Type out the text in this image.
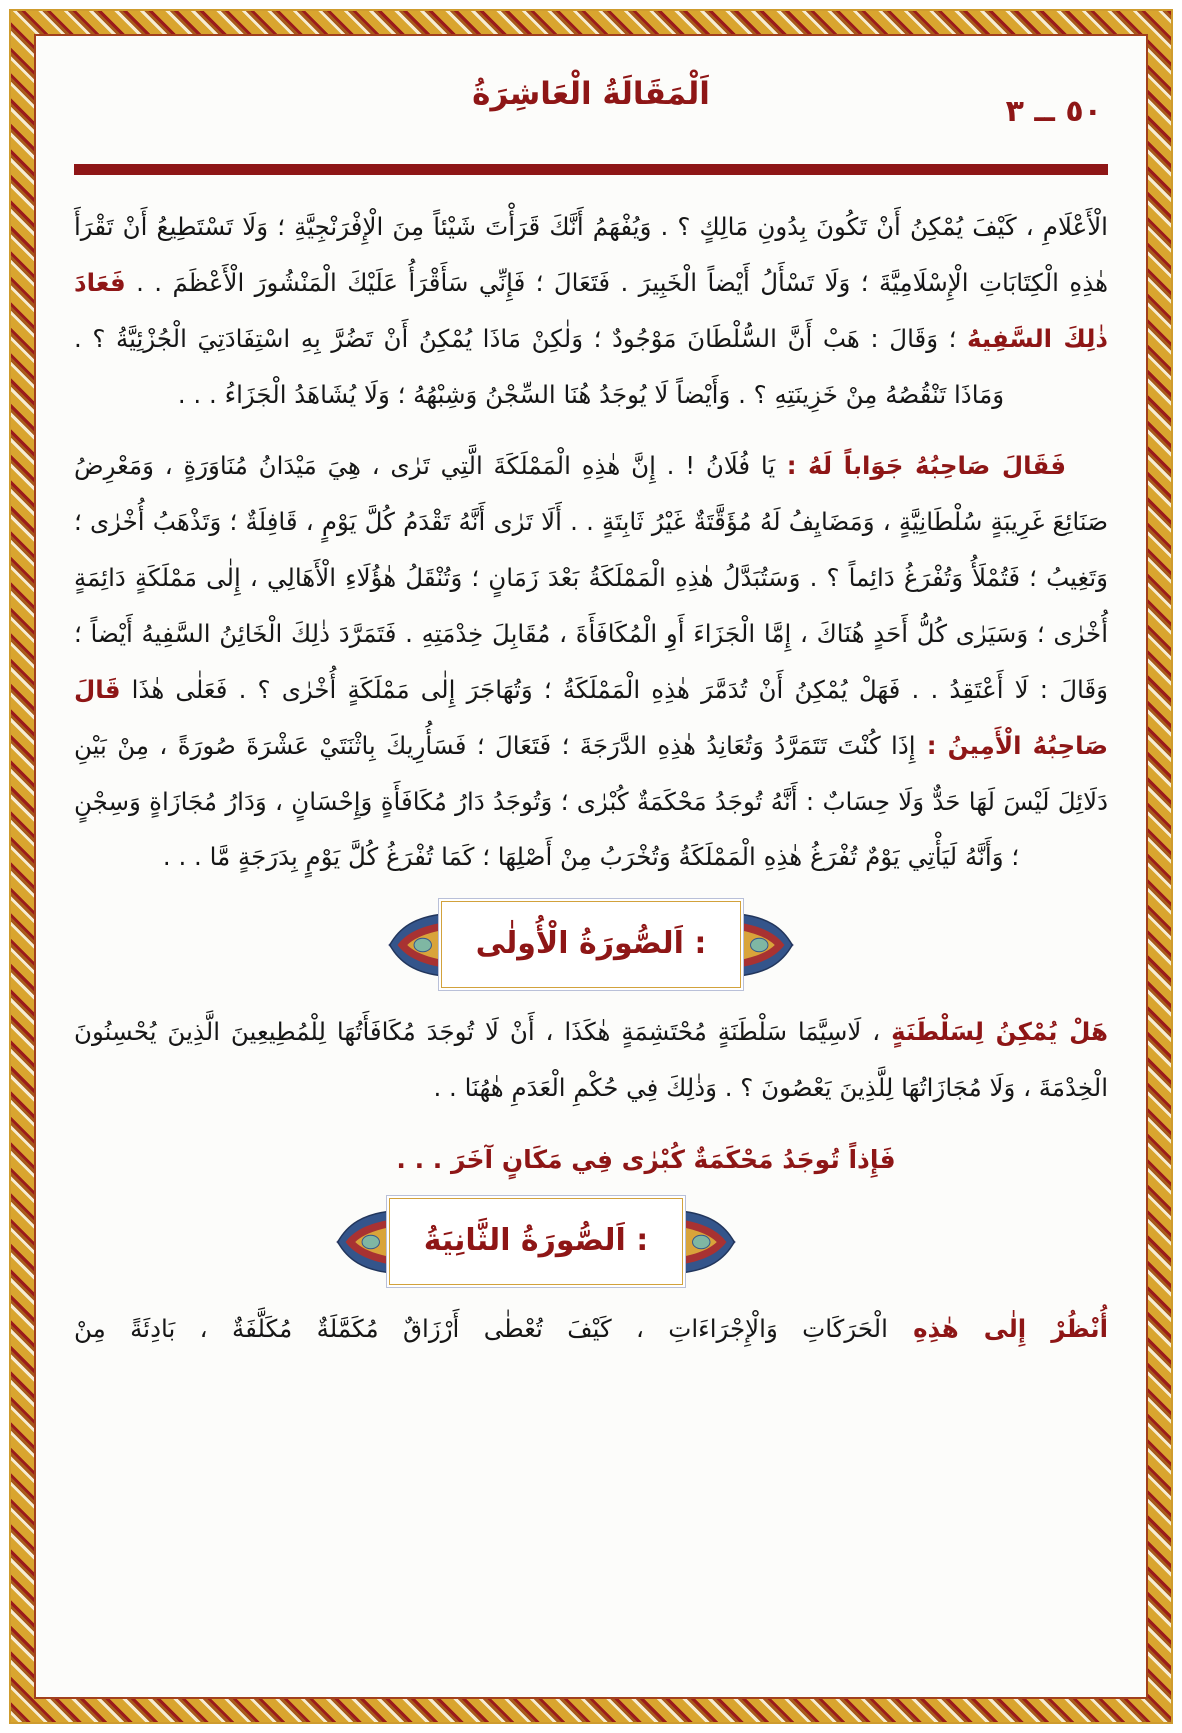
٥٠ ــ ٣
اَلْمَقَالَةُ الْعَاشِرَةُ

الْأَعْلَامِ ، كَيْفَ يُمْكِنُ أَنْ تَكُونَ بِدُونِ مَالِكٍ ؟ . وَيُفْهَمُ أَنَّكَ قَرَأْتَ شَيْئاً مِنَ الْإِفْرَنْجِيَّةِ ؛ وَلَا تَسْتَطِيعُ أَنْ تَقْرَأَ هٰذِهِ الْكِتَابَاتِ الْإِسْلَامِيَّةَ ؛ وَلَا تَسْأَلُ أَيْضاً الْخَبِيرَ . فَتَعَالَ ؛ فَإِنِّي سَأَقْرَأُ عَلَيْكَ الْمَنْشُورَ الْأَعْظَمَ . . فَعَادَ ذٰلِكَ السَّفِيهُ ؛ وَقَالَ : هَبْ أَنَّ السُّلْطَانَ مَوْجُودٌ ؛ وَلٰكِنْ مَاذَا يُمْكِنُ أَنْ تَضُرَّ بِهِ اسْتِفَادَتِيَ الْجُزْئِيَّةُ ؟ . وَمَاذَا تَنْقُصُهُ مِنْ خَزِينَتِهِ ؟ . وَأَيْضاً لَا يُوجَدُ هُنَا السِّجْنُ وَشِبْهُهُ ؛ وَلَا يُشَاهَدُ الْجَزَاءُ . . .

فَقَالَ صَاحِبُهُ جَوَاباً لَهُ : يَا فُلَانُ ! . إِنَّ هٰذِهِ الْمَمْلَكَةَ الَّتِي تَرٰى ، هِيَ مَيْدَانُ مُنَاوَرَةٍ ، وَمَعْرِضُ صَنَائِعَ غَرِيبَةٍ سُلْطَانِيَّةٍ ، وَمَضَايِفُ لَهُ مُؤَقَّتَةٌ غَيْرُ ثَابِتَةٍ . . أَلَا تَرٰى أَنَّهُ تَقْدَمُ كُلَّ يَوْمٍ ، قَافِلَةٌ ؛ وَتَذْهَبُ أُخْرٰى ؛ وَتَغِيبُ ؛ فَتُمْلَأُ وَتُفْرَغُ دَائِماً ؟ . وَسَتُبَدَّلُ هٰذِهِ الْمَمْلَكَةُ بَعْدَ زَمَانٍ ؛ وَتُنْقَلُ هٰؤُلَاءِ الْأَهَالِي ، إِلٰى مَمْلَكَةٍ دَائِمَةٍ أُخْرٰى ؛ وَسَيَرٰى كُلُّ أَحَدٍ هُنَاكَ ، إِمَّا الْجَزَاءَ أَوِ الْمُكَافَأَةَ ، مُقَابِلَ خِدْمَتِهِ . فَتَمَرَّدَ ذٰلِكَ الْخَائِنُ السَّفِيهُ أَيْضاً ؛ وَقَالَ : لَا أَعْتَقِدُ . . فَهَلْ يُمْكِنُ أَنْ تُدَمَّرَ هٰذِهِ الْمَمْلَكَةُ ؛ وَتُهَاجَرَ إِلٰى مَمْلَكَةٍ أُخْرٰى ؟ . فَعَلٰى هٰذَا قَالَ صَاحِبُهُ الْأَمِينُ : إِذَا كُنْتَ تَتَمَرَّدُ وَتُعَانِدُ هٰذِهِ الدَّرَجَةَ ؛ فَتَعَالَ ؛ فَسَأُرِيكَ بِاثْنَتَيْ عَشْرَةَ صُورَةً ، مِنْ بَيْنِ دَلَائِلَ لَيْسَ لَهَا حَدٌّ وَلَا حِسَابٌ : أَنَّهُ تُوجَدُ مَحْكَمَةٌ كُبْرٰى ؛ وَتُوجَدُ دَارُ مُكَافَأَةٍ وَإِحْسَانٍ ، وَدَارُ مُجَازَاةٍ وَسِجْنٍ ؛ وَأَنَّهُ لَيَأْتِي يَوْمٌ تُفْرَغُ هٰذِهِ الْمَمْلَكَةُ وَتُخْرَبُ مِنْ أَصْلِهَا ؛ كَمَا تُفْرَغُ كُلَّ يَوْمٍ بِدَرَجَةٍ مَّا . . .

اَلصُّورَةُ الْأُولٰى :

هَلْ يُمْكِنُ لِسَلْطَنَةٍ ، لَاسِيَّمَا سَلْطَنَةٍ مُحْتَشِمَةٍ هٰكَذَا ، أَنْ لَا تُوجَدَ مُكَافَأَتُهَا لِلْمُطِيعِينَ الَّذِينَ يُحْسِنُونَ الْخِدْمَةَ ، وَلَا مُجَازَاتُهَا لِلَّذِينَ يَعْصُونَ ؟ . وَذٰلِكَ فِي حُكْمِ الْعَدَمِ هٰهُنَا . .

فَإِذاً تُوجَدُ مَحْكَمَةٌ كُبْرٰى فِي مَكَانٍ آخَرَ . . .

اَلصُّورَةُ الثَّانِيَةُ :

أُنْظُرْ إِلٰى هٰذِهِ الْحَرَكَاتِ وَالْإِجْرَاءَاتِ ، كَيْفَ تُعْطٰى أَرْزَاقٌ مُكَمَّلَةٌ مُكَلَّفَةٌ ، بَادِئَةً مِنْ
